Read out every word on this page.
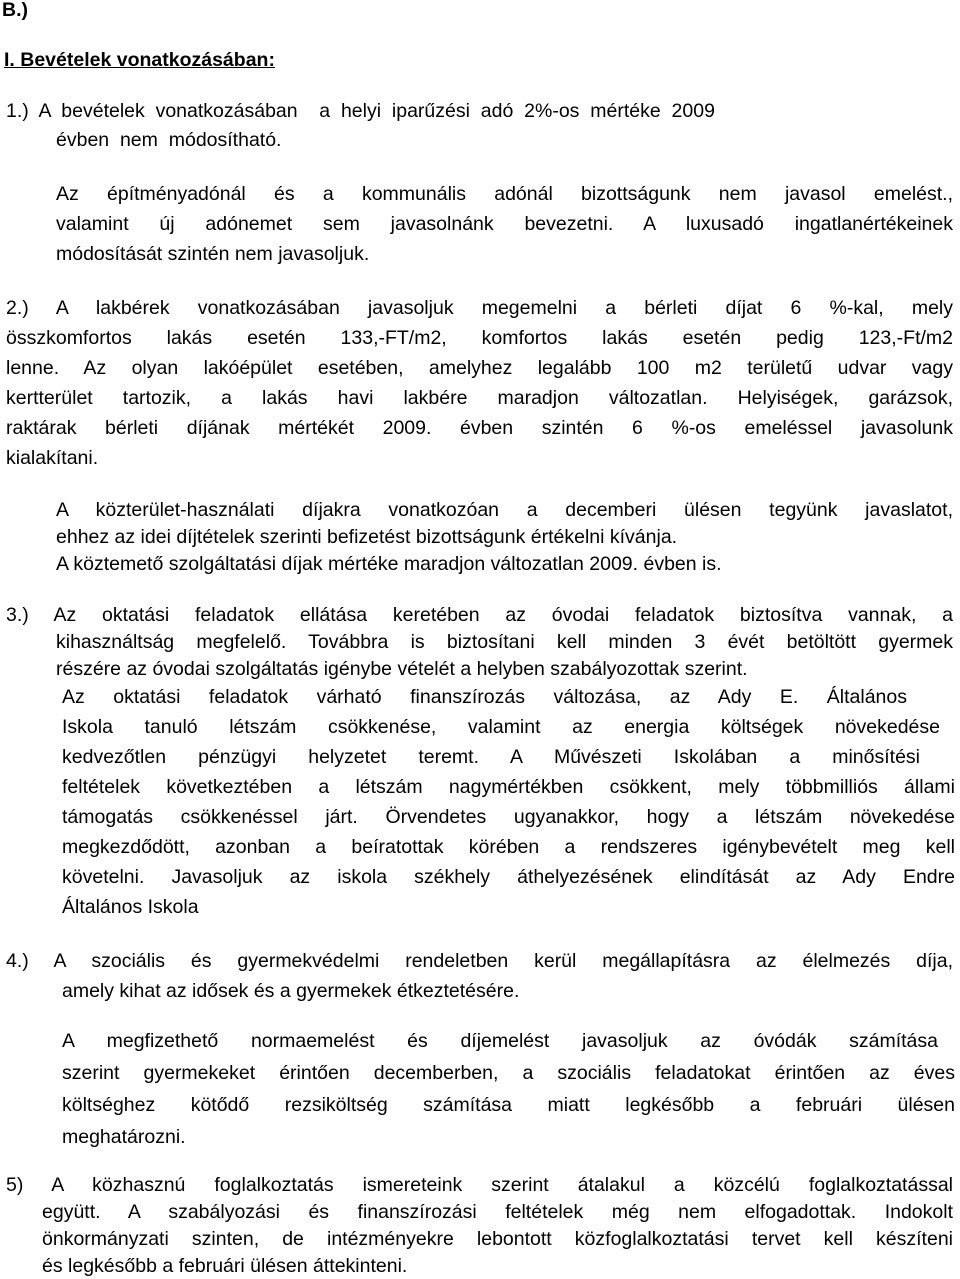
B.)
I. Bevételek vonatkozásában:
1.)  A  bevételek  vonatkozásában    a  helyi  iparűzési  adó  2%-os  mértéke  2009
évben  nem  módosítható.
Az építményadónál és a kommunális adónál bizottságunk nem javasol emelést.,
valamint új adónemet sem javasolnánk bevezetni. A luxusadó ingatlanértékeinek
módosítását szintén nem javasoljuk.
2.) A lakbérek vonatkozásában javasoljuk megemelni a bérleti díjat 6 %-kal, mely
összkomfortos lakás esetén 133,-FT/m2, komfortos lakás esetén pedig 123,-Ft/m2
lenne. Az olyan lakóépület esetében, amelyhez legalább 100 m2 területű udvar vagy
kertterület tartozik, a lakás havi lakbére maradjon változatlan. Helyiségek, garázsok,
raktárak bérleti díjának mértékét 2009. évben szintén 6 %-os emeléssel javasolunk
kialakítani.
A közterület-használati díjakra vonatkozóan a decemberi ülésen tegyünk javaslatot,
ehhez az idei díjtételek szerinti befizetést bizottságunk értékelni kívánja.
A köztemető szolgáltatási díjak mértéke maradjon változatlan 2009. évben is.
3.) Az oktatási feladatok ellátása keretében az óvodai feladatok biztosítva vannak, a
kihasználtság megfelelő. Továbbra is biztosítani kell minden 3 évét betöltött gyermek
részére az óvodai szolgáltatás igénybe vételét a helyben szabályozottak szerint.
Az oktatási feladatok várható finanszírozás változása, az Ady E. Általános
Iskola tanuló létszám csökkenése, valamint az energia költségek növekedése
kedvezőtlen pénzügyi helyzetet teremt. A Művészeti Iskolában a minősítési
feltételek következtében a létszám nagymértékben csökkent, mely többmilliós állami
támogatás csökkenéssel járt. Örvendetes ugyanakkor, hogy a létszám növekedése
megkezdődött, azonban a beíratottak körében a rendszeres igénybevételt meg kell
követelni. Javasoljuk az iskola székhely áthelyezésének elindítását az Ady Endre
Általános Iskola
4.) A szociális és gyermekvédelmi rendeletben kerül megállapításra az élelmezés díja,
amely kihat az idősek és a gyermekek étkeztetésére.
A megfizethető normaemelést és díjemelést javasoljuk az óvódák számítása
szerint gyermekeket érintően decemberben, a szociális feladatokat érintően az éves
költséghez kötődő rezsiköltség számítása miatt legkésőbb a februári ülésen
meghatározni.
5) A közhasznú foglalkoztatás ismereteink szerint átalakul a közcélú foglalkoztatással
együtt. A szabályozási és finanszírozási feltételek még nem elfogadottak. Indokolt
önkormányzati szinten, de intézményekre lebontott közfoglalkoztatási tervet kell készíteni
és legkésőbb a februári ülésen áttekinteni.
